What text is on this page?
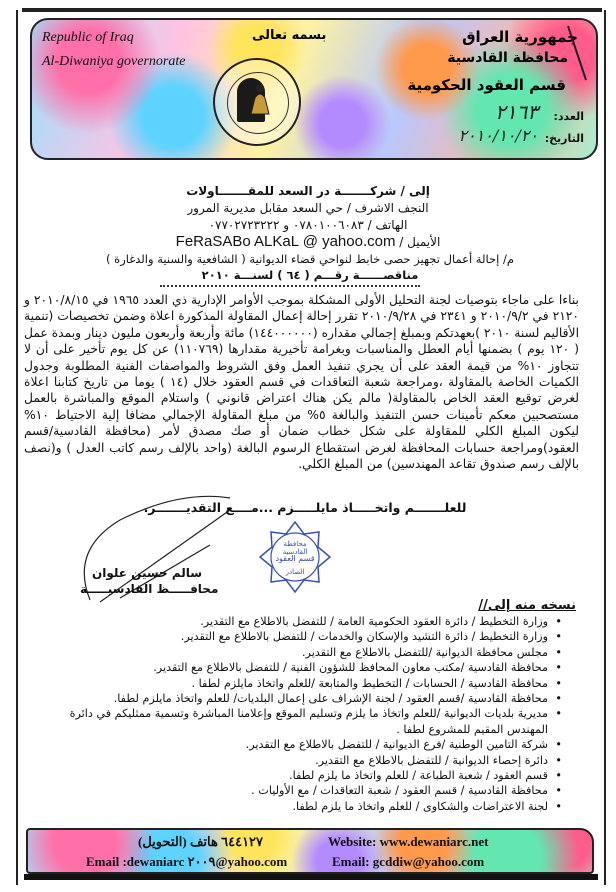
Republic of Iraq
Al-Diwaniya governorate
بسمه تعالى	جمهورية العراق
محافظة القادسية
قسم العقود الحكومية
العدد:
٢١٦٣
التاريخ:
٢٠١٠/١٠/٢٠
إلى / شركـــــــة در السعد للمقـــــــاولات
النجف الاشرف / حي السعد مقابل مديرية المرور
الهاتف / ٠٧٨٠١٠٠٦٠٨٣ و ٠٧٧٠٢٧٢٣٢٢٢
الأيميل / FeRaSABo ALKaL @ yahoo.com
م/ إحالة أعمال تجهيز حصى خابط لنواحي قضاء الديوانية ( الشافعية والسنية والدغارة )
مناقصــــــة رقـــم ( ٦٤ ) لسنـــة ٢٠١٠
بناءا على ماجاء بتوصيات لجنة التحليل الأولى المشكلة بموجب الأوامر الإدارية ذي العدد ١٩٦٥ في ٢٠١٠/٨/١٥ و ٢١٢٠ في ٢٠١٠/٩/٢ و ٢٣٤١ في ٢٠١٠/٩/٢٨ تقرر إحالة إعمال المقاولة المذكورة اعلاة وضمن تخصيصات (تنمية الأقاليم لسنة ٢٠١٠ )بعهدتكم وبمبلغ إجمالي مقداره (١٤٤٠٠٠٠٠٠) مائة وأربعة وأربعون مليون دينار وبمدة عمل ( ١٢٠ يوم ) بضمنها أيام العطل والمناسبات وبغرامة تأخيرية مقدارها (١١٠٧٦٩) عن كل يوم تأخير على أن لا تتجاوز ١٠% من قيمة العقد على أن يجري تنفيذ العمل وفق الشروط والمواصفات الفنية المطلوبة وجدول الكميات الخاصة بالمقاولة ،ومراجعة شعبة التعاقدات في قسم العقود خلال (١٤ ) يوما من تاريخ كتابنا اعلاة لغرض توقيع العقد الخاص بالمقاولة( مالم يكن هناك اعتراض قانوني ) واستلام الموقع والمباشرة بالعمل مستصحبين معكم تأمينات حسن التنفيذ والبالغة ٥% من مبلغ المقاولة الإجمالي مضافا إلية الاحتياط ١٠% ليكون المبلغ الكلي للمقاولة على شكل خطاب ضمان أو صك مصدق لأمر (محافظة القادسية/قسم العقود)ومراجعة حسابات المحافظة لغرض استقطاع الرسوم البالغة (واحد بالإلف رسم كاتب العدل ) و(نصف بالإلف رسم صندوق تقاعد المهندسين) من المبلغ الكلي.
للعلـــــــم واتخـــــاذ مايلـــــزم ...مــــع التقديـــــــر.
سالم حسين علوان
محافـــــظ القادسيـــــة
محافظة القادسية
قسم العقود
الصادر
نسخه منه إلى//
• وزارة التخطيط / دائرة العقود الحكومية العامة / للتفضل بالاطلاع مع التقدير.
• وزارة التخطيط / دائرة التشيد والإسكان والخدمات / للتفضل بالاطلاع مع التقدير.
• مجلس محافظة الديوانية /للتفضل بالاطلاع مع التقدير.
• محافظة القادسية /مكتب معاون المحافظ للشؤون الفنية / للتفضل بالاطلاع مع التقدير.
• محافظة القادسية / الحسابات / التخطيط والمتابعة /للعلم واتخاذ مايلزم لطفا .
• محافظة القادسية /قسم العقود / لجنة الإشراف على إعمال البلديات/ للعلم واتخاذ مايلزم لطفا.
• مديرية بلديات الديوانية /للعلم واتخاذ ما يلزم وتسليم الموقع وإعلامنا المباشرة وتسمية ممثليكم في دائرة المهندس المقيم للمشروع لطفا .
• شركة التامين الوطنية /فرع الديوانية / للتفضل بالاطلاع مع التقدير.
• دائرة إحصاء الديوانية / للتفضل بالاطلاع مع التقدير.
• قسم العقود / شعبة الطباعة / للعلم واتخاذ ما يلزم لطفا.
• محافظة القادسية / قسم العقود / شعبة التعاقدات / مع الأوليات .
• لجنة الاعتراضات والشكاوى / للعلم واتخاذ ما يلزم لطفا.
٦٤٤١٢٧ هاتف (التحويل)
Email :dewaniarc ٢٠٠٩@yahoo.com
Website: www.dewaniarc.net
Email: gcddiw@yahoo.com
